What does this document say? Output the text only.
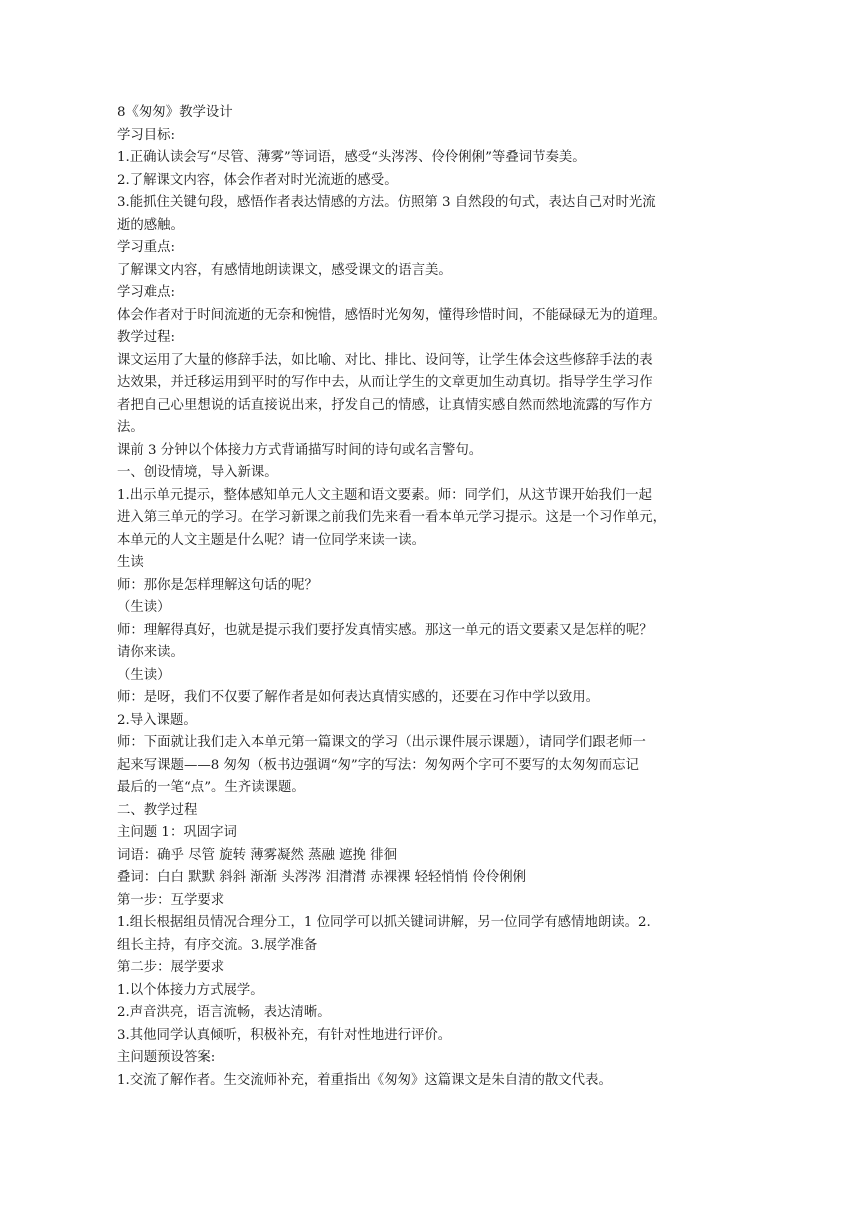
8《匆匆》教学设计
学习目标:
1.正确认读会写“尽管、薄雾”等词语，感受“头涔涔、伶伶俐俐”等叠词节奏美。
2.了解课文内容，体会作者对时光流逝的感受。
3.能抓住关键句段，感悟作者表达情感的方法。仿照第 3 自然段的句式，表达自己对时光流
逝的感触。
学习重点:
了解课文内容，有感情地朗读课文，感受课文的语言美。
学习难点:
体会作者对于时间流逝的无奈和惋惜，感悟时光匆匆，懂得珍惜时间，不能碌碌无为的道理。
教学过程:
课文运用了大量的修辞手法，如比喻、对比、排比、设问等，让学生体会这些修辞手法的表
达效果，并迁移运用到平时的写作中去，从而让学生的文章更加生动真切。指导学生学习作
者把自己心里想说的话直接说出来，抒发自己的情感，让真情实感自然而然地流露的写作方
法。
课前 3 分钟以个体接力方式背诵描写时间的诗句或名言警句。
一、创设情境，导入新课。
1.出示单元提示，整体感知单元人文主题和语文要素。师：同学们，从这节课开始我们一起
进入第三单元的学习。在学习新课之前我们先来看一看本单元学习提示。这是一个习作单元，
本单元的人文主题是什么呢？请一位同学来读一读。
生读
师：那你是怎样理解这句话的呢？
（生读）
师：理解得真好，也就是提示我们要抒发真情实感。那这一单元的语文要素又是怎样的呢？
请你来读。
（生读）
师：是呀，我们不仅要了解作者是如何表达真情实感的，还要在习作中学以致用。
2.导入课题。
师：下面就让我们走入本单元第一篇课文的学习（出示课件展示课题），请同学们跟老师一
起来写课题——8 匆匆（板书边强调“匆”字的写法：匆匆两个字可不要写的太匆匆而忘记
最后的一笔“点”。生齐读课题。
二、教学过程
主问题 1：巩固字词
词语：确乎 尽管 旋转 薄雾凝然 蒸融 遮挽 徘徊
叠词：白白 默默 斜斜 渐渐 头涔涔 泪潸潸 赤裸裸 轻轻悄悄 伶伶俐俐
第一步：互学要求
1.组长根据组员情况合理分工，1 位同学可以抓关键词讲解，另一位同学有感情地朗读。2.
组长主持，有序交流。3.展学准备
第二步：展学要求
1.以个体接力方式展学。
2.声音洪亮，语言流畅，表达清晰。
3.其他同学认真倾听，积极补充，有针对性地进行评价。
主问题预设答案:
1.交流了解作者。生交流师补充，着重指出《匆匆》这篇课文是朱自清的散文代表。
